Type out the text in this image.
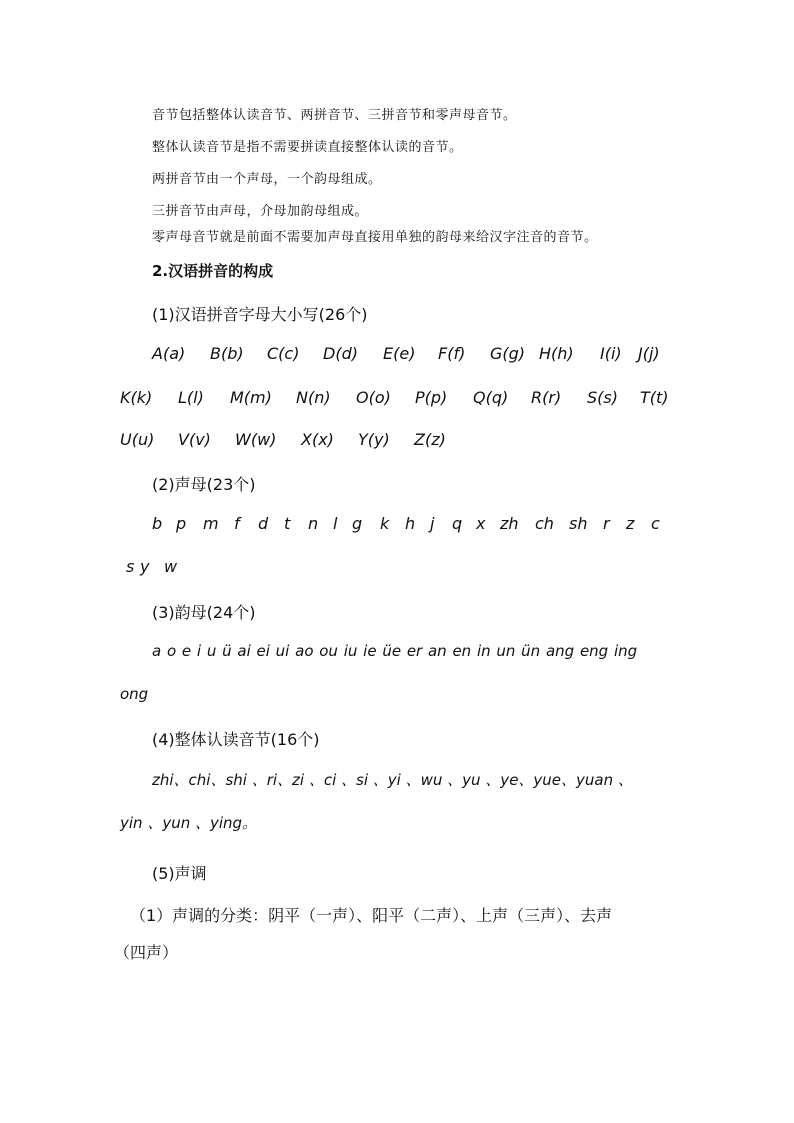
音节包括整体认读音节、两拼音节、三拼音节和零声母音节。
整体认读音节是指不需要拼读直接整体认读的音节。
两拼音节由一个声母，一个韵母组成。
三拼音节由声母，介母加韵母组成。
零声母音节就是前面不需要加声母直接用单独的韵母来给汉字注音的音节。
2.汉语拼音的构成
(1)汉语拼音字母大小写(26个)
A(a) B(b) C(c) D(d) E(e) F(f) G(g) H(h) I(i) J(j)
K(k) L(l) M(m) N(n) O(o) P(p) Q(q) R(r) S(s) T(t)
U(u) V(v) W(w) X(x) Y(y) Z(z)
(2)声母(23个)
b p m f d t n l g k h j q x zh ch sh r z c
s y w
(3)韵母(24个)
a o e i u ü ai ei ui ao ou iu ie üe er an en in un ün ang eng ing
ong
(4)整体认读音节(16个)
zhi、chi、shi 、ri、zi 、ci 、si 、yi 、wu 、yu 、ye、yue、yuan 、
yin 、yun 、ying。
(5)声调
（1）声调的分类：阴平（一声）、阳平（二声）、上声（三声）、去声
（四声）
